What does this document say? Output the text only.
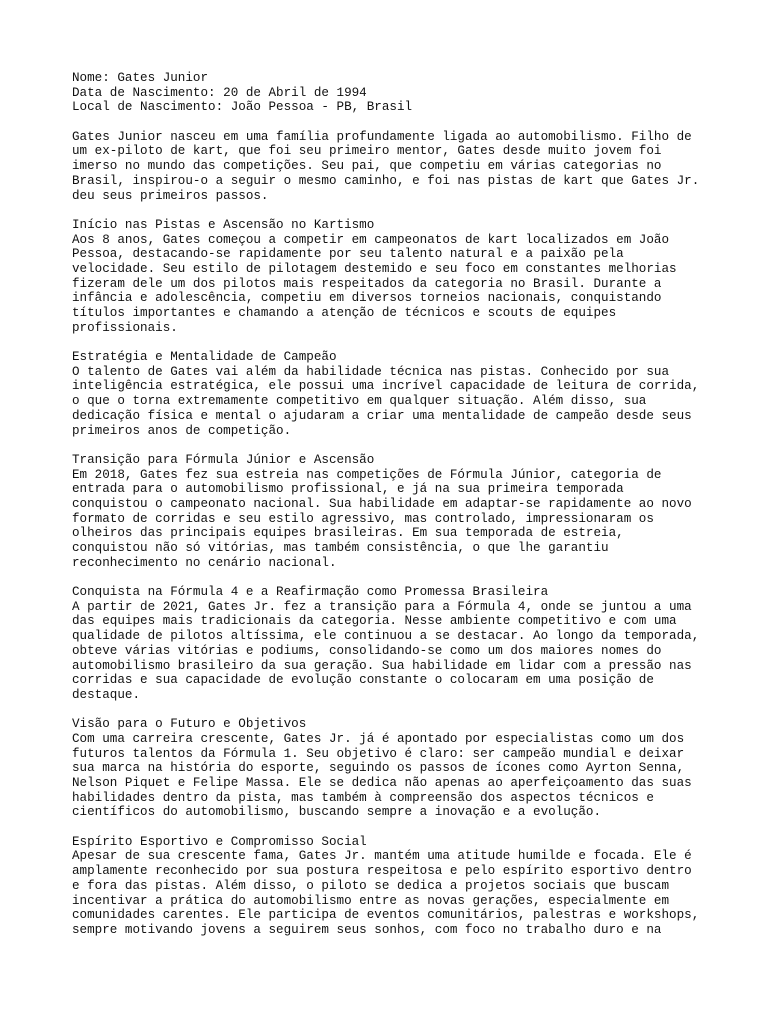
Nome: Gates Junior
Data de Nascimento: 20 de Abril de 1994
Local de Nascimento: João Pessoa - PB, Brasil
Gates Junior nasceu em uma família profundamente ligada ao automobilismo. Filho de
um ex-piloto de kart, que foi seu primeiro mentor, Gates desde muito jovem foi
imerso no mundo das competições. Seu pai, que competiu em várias categorias no
Brasil, inspirou-o a seguir o mesmo caminho, e foi nas pistas de kart que Gates Jr.
deu seus primeiros passos.
Início nas Pistas e Ascensão no Kartismo
Aos 8 anos, Gates começou a competir em campeonatos de kart localizados em João
Pessoa, destacando-se rapidamente por seu talento natural e a paixão pela
velocidade. Seu estilo de pilotagem destemido e seu foco em constantes melhorias
fizeram dele um dos pilotos mais respeitados da categoria no Brasil. Durante a
infância e adolescência, competiu em diversos torneios nacionais, conquistando
títulos importantes e chamando a atenção de técnicos e scouts de equipes
profissionais.
Estratégia e Mentalidade de Campeão
O talento de Gates vai além da habilidade técnica nas pistas. Conhecido por sua
inteligência estratégica, ele possui uma incrível capacidade de leitura de corrida,
o que o torna extremamente competitivo em qualquer situação. Além disso, sua
dedicação física e mental o ajudaram a criar uma mentalidade de campeão desde seus
primeiros anos de competição.
Transição para Fórmula Júnior e Ascensão
Em 2018, Gates fez sua estreia nas competições de Fórmula Júnior, categoria de
entrada para o automobilismo profissional, e já na sua primeira temporada
conquistou o campeonato nacional. Sua habilidade em adaptar-se rapidamente ao novo
formato de corridas e seu estilo agressivo, mas controlado, impressionaram os
olheiros das principais equipes brasileiras. Em sua temporada de estreia,
conquistou não só vitórias, mas também consistência, o que lhe garantiu
reconhecimento no cenário nacional.
Conquista na Fórmula 4 e a Reafirmação como Promessa Brasileira
A partir de 2021, Gates Jr. fez a transição para a Fórmula 4, onde se juntou a uma
das equipes mais tradicionais da categoria. Nesse ambiente competitivo e com uma
qualidade de pilotos altíssima, ele continuou a se destacar. Ao longo da temporada,
obteve várias vitórias e podiums, consolidando-se como um dos maiores nomes do
automobilismo brasileiro da sua geração. Sua habilidade em lidar com a pressão nas
corridas e sua capacidade de evolução constante o colocaram em uma posição de
destaque.
Visão para o Futuro e Objetivos
Com uma carreira crescente, Gates Jr. já é apontado por especialistas como um dos
futuros talentos da Fórmula 1. Seu objetivo é claro: ser campeão mundial e deixar
sua marca na história do esporte, seguindo os passos de ícones como Ayrton Senna,
Nelson Piquet e Felipe Massa. Ele se dedica não apenas ao aperfeiçoamento das suas
habilidades dentro da pista, mas também à compreensão dos aspectos técnicos e
científicos do automobilismo, buscando sempre a inovação e a evolução.
Espírito Esportivo e Compromisso Social
Apesar de sua crescente fama, Gates Jr. mantém uma atitude humilde e focada. Ele é
amplamente reconhecido por sua postura respeitosa e pelo espírito esportivo dentro
e fora das pistas. Além disso, o piloto se dedica a projetos sociais que buscam
incentivar a prática do automobilismo entre as novas gerações, especialmente em
comunidades carentes. Ele participa de eventos comunitários, palestras e workshops,
sempre motivando jovens a seguirem seus sonhos, com foco no trabalho duro e na
